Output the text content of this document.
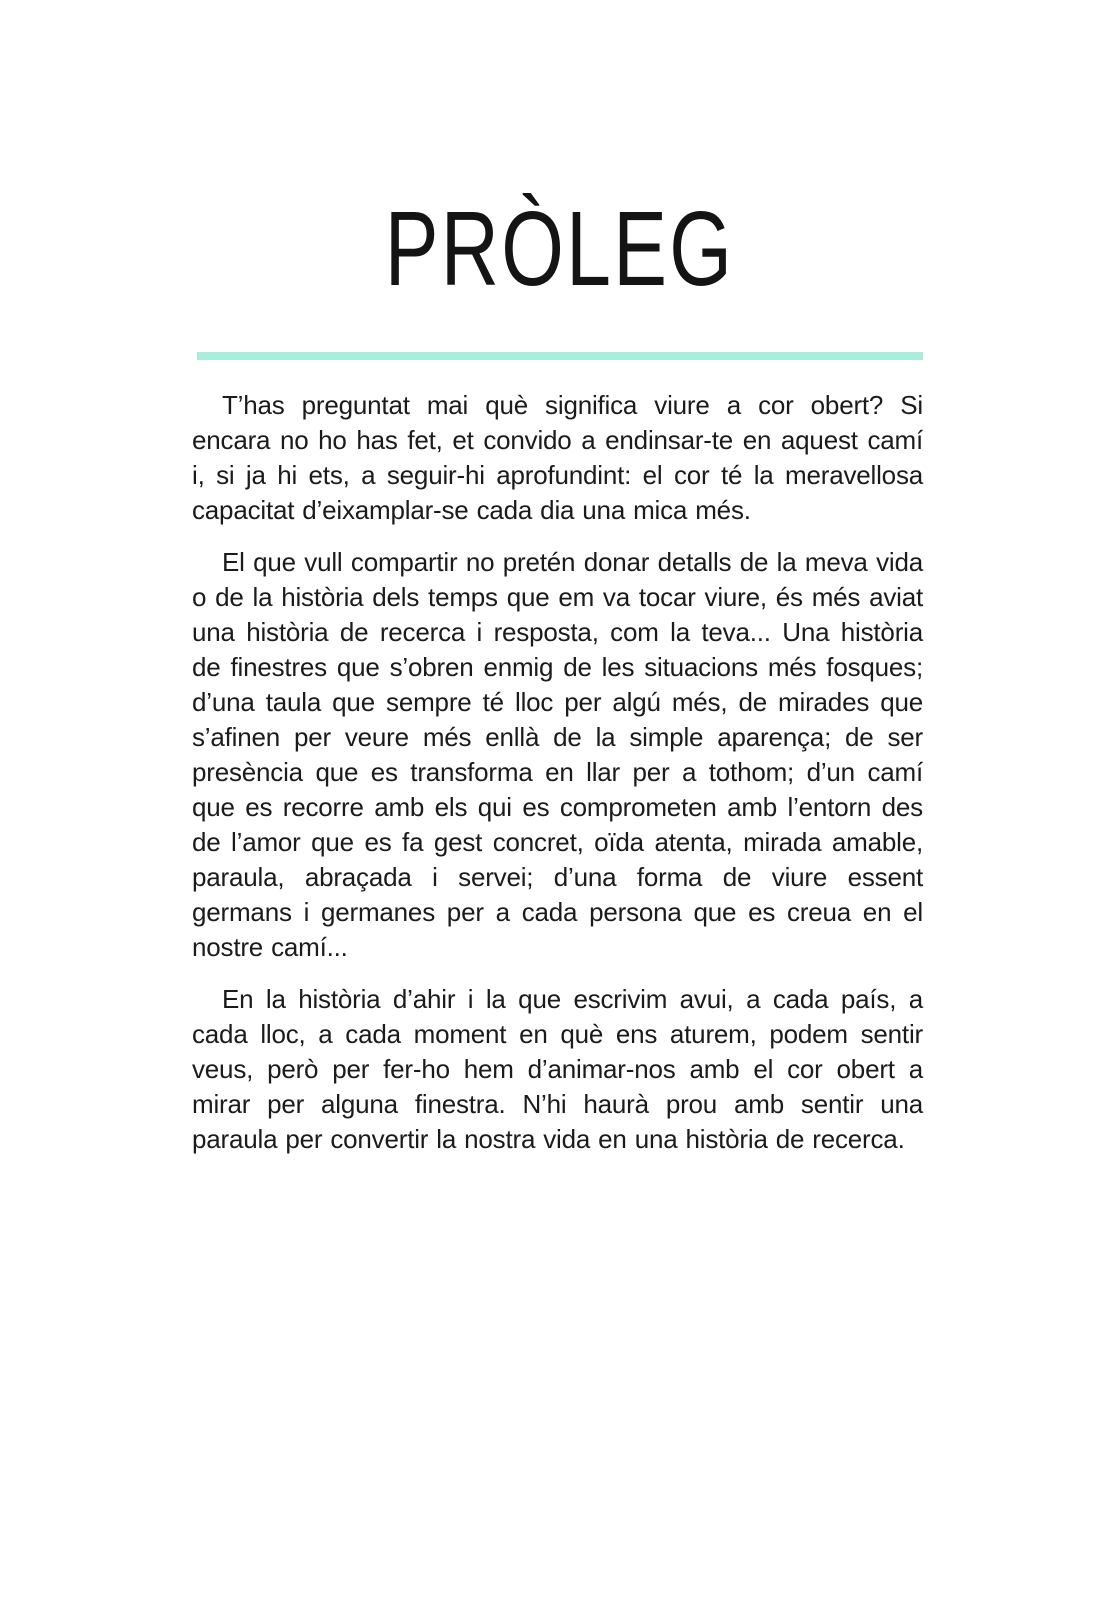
PRÒLEG

T’has preguntat mai què significa viure a cor obert? Si encara no ho has fet, et convido a endinsar-te en aquest camí i, si ja hi ets, a seguir-hi aprofundint: el cor té la meravellosa capacitat d’eixamplar-se cada dia una mica més.

El que vull compartir no pretén donar detalls de la meva vida o de la història dels temps que em va tocar viure, és més aviat una història de recerca i resposta, com la teva... Una història de finestres que s’obren enmig de les situacions més fosques; d’una taula que sempre té lloc per algú més, de mirades que s’afinen per veure més enllà de la simple aparença; de ser presència que es transforma en llar per a tothom; d’un camí que es recorre amb els qui es comprometen amb l’entorn des de l’amor que es fa gest concret, oïda atenta, mirada amable, paraula, abraçada i servei; d’una forma de viure essent germans i germanes per a cada persona que es creua en el nostre camí...

En la història d’ahir i la que escrivim avui, a cada país, a cada lloc, a cada moment en què ens aturem, podem sentir veus, però per fer-ho hem d’animar-nos amb el cor obert a mirar per alguna finestra. N’hi haurà prou amb sentir una paraula per convertir la nostra vida en una història de recerca.
